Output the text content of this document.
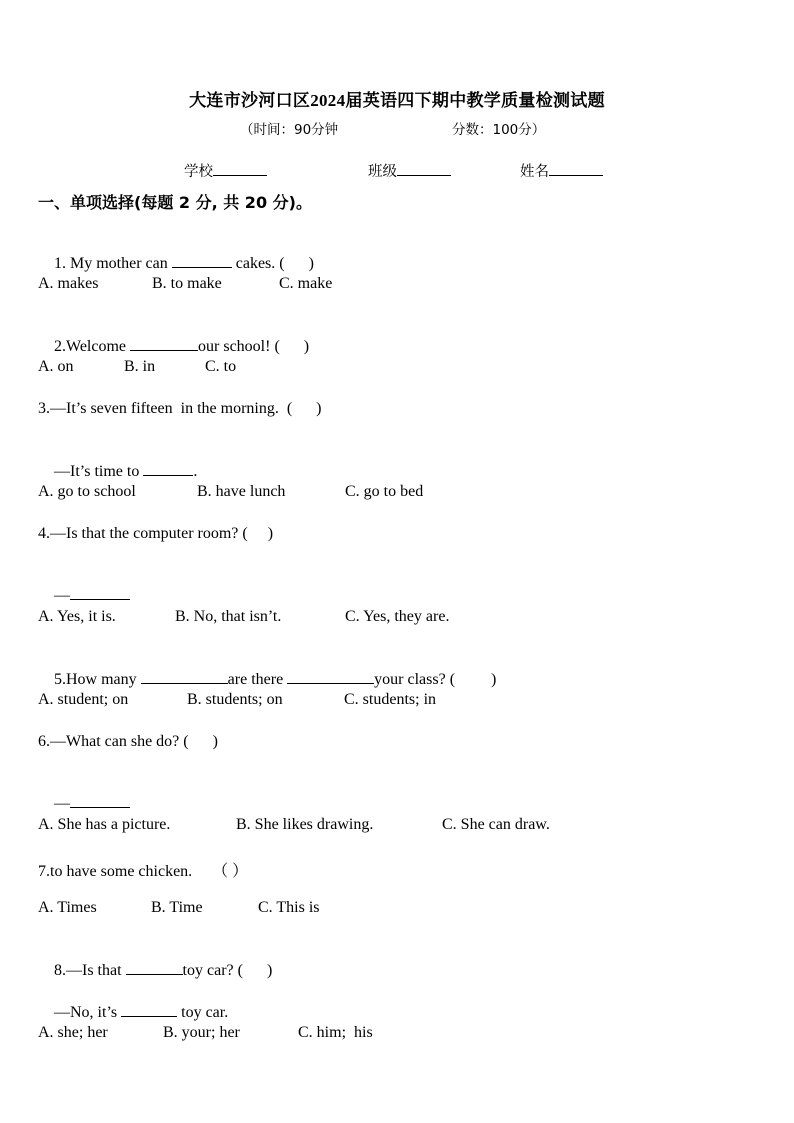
大连市沙河口区2024届英语四下期中教学质量检测试题
（时间：90分钟	分数：100分）
学校	班级	姓名
一、单项选择(每题 2 分, 共 20 分)。

1. My mother can	cakes. (      )

A. makes	B. to make	C. make

2.Welcome	our school! (      )

A. on	B. in	C. to
3.—It’s seven fifteen  in the morning.  (      )

—It’s time to	.

A. go to school	B. have lunch	C. go to bed
4.—Is that the computer room? (     )

—

A. Yes, it is.	B. No, that isn’t.	C. Yes, they are.

5.How many	are there	your class? (         )

A. student; on	B. students; on	C. students; in
6.—What can she do? (      )

—

A. She has a picture.	B. She likes drawing.	C. She can draw.
7.to have some chicken.     （ ）
A. Times	B. Time	C. This is

8.—Is that	toy car? (      )

—No, it’s	toy car.

A. she; her	B. your; her	C. him;  his
